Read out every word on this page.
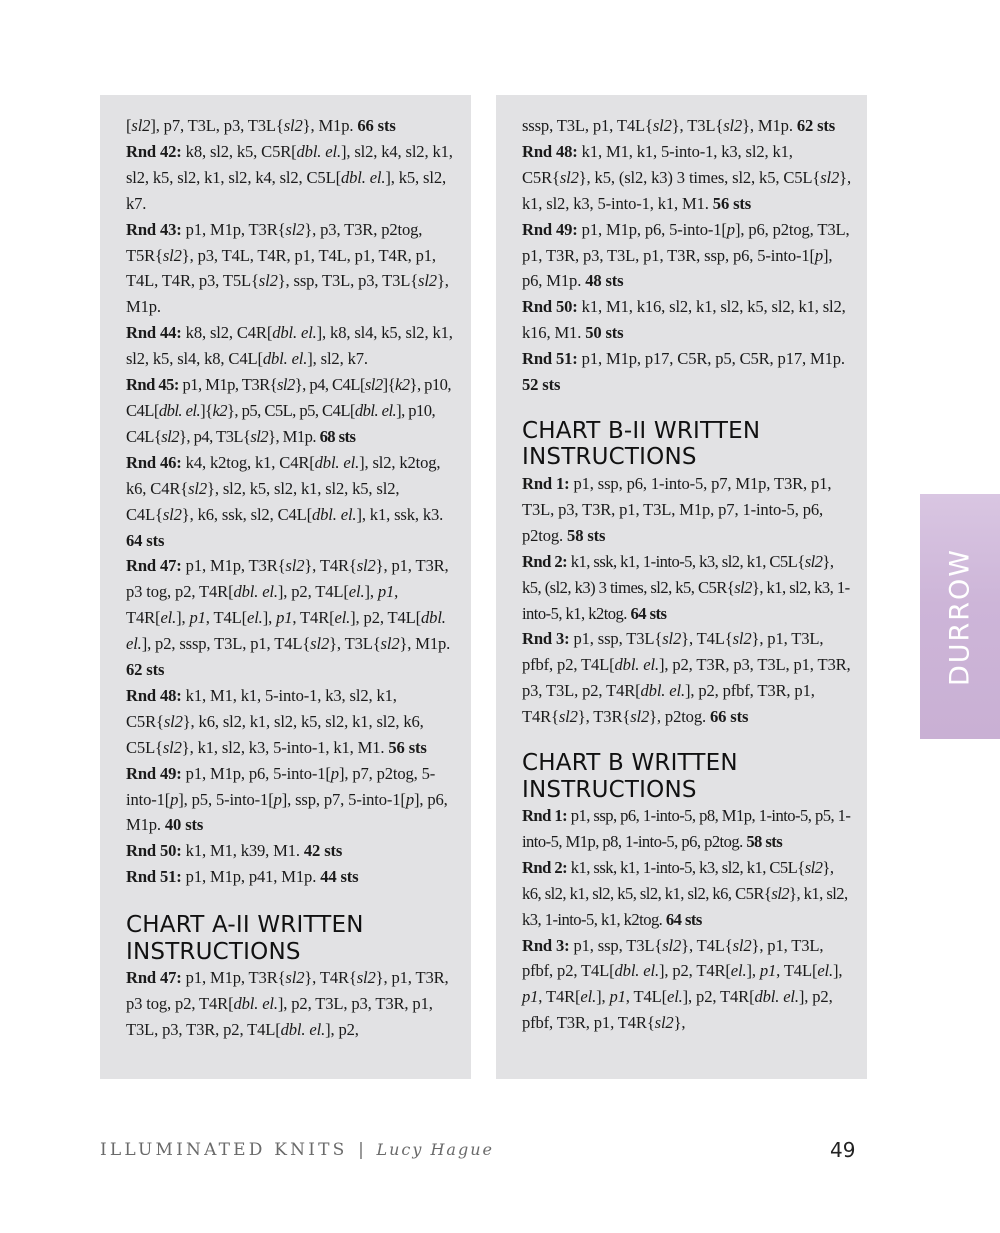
[sl2], p7, T3L, p3, T3L{sl2}, M1p. 66 sts

Rnd 42: k8, sl2, k5, C5R[dbl. el.], sl2, k4, sl2, k1, sl2, k5, sl2, k1, sl2, k4, sl2, C5L[dbl. el.], k5, sl2, k7.

Rnd 43: p1, M1p, T3R{sl2}, p3, T3R, p2tog, T5R{sl2}, p3, T4L, T4R, p1, T4L, p1, T4R, p1, T4L, T4R, p3, T5L{sl2}, ssp, T3L, p3, T3L{sl2}, M1p.

Rnd 44: k8, sl2, C4R[dbl. el.], k8, sl4, k5, sl2, k1, sl2, k5, sl4, k8, C4L[dbl. el.], sl2, k7.

Rnd 45: p1, M1p, T3R{sl2}, p4, C4L[sl2]{k2}, p10, C4L[dbl. el.]{k2}, p5, C5L, p5, C4L[dbl. el.], p10, C4L{sl2}, p4, T3L{sl2}, M1p. 68 sts

Rnd 46: k4, k2tog, k1, C4R[dbl. el.], sl2, k2tog, k6, C4R{sl2}, sl2, k5, sl2, k1, sl2, k5, sl2, C4L{sl2}, k6, ssk, sl2, C4L[dbl. el.], k1, ssk, k3. 64 sts

Rnd 47: p1, M1p, T3R{sl2}, T4R{sl2}, p1, T3R, p3 tog, p2, T4R[dbl. el.], p2, T4L[el.], p1, T4R[el.], p1, T4L[el.], p1, T4R[el.], p2, T4L[dbl. el.], p2, sssp, T3L, p1, T4L{sl2}, T3L{sl2}, M1p. 62 sts

Rnd 48: k1, M1, k1, 5-into-1, k3, sl2, k1, C5R{sl2}, k6, sl2, k1, sl2, k5, sl2, k1, sl2, k6, C5L{sl2}, k1, sl2, k3, 5-into-1, k1, M1. 56 sts

Rnd 49: p1, M1p, p6, 5-into-1[p], p7, p2tog, 5-into-1[p], p5, 5-into-1[p], ssp, p7, 5-into-1[p], p6, M1p. 40 sts

Rnd 50: k1, M1, k39, M1. 42 sts

Rnd 51: p1, M1p, p41, M1p. 44 sts

CHART A-II WRITTEN INSTRUCTIONS

Rnd 47: p1, M1p, T3R{sl2}, T4R{sl2}, p1, T3R, p3 tog, p2, T4R[dbl. el.], p2, T3L, p3, T3R, p1, T3L, p3, T3R, p2, T4L[dbl. el.], p2,

sssp, T3L, p1, T4L{sl2}, T3L{sl2}, M1p. 62 sts

Rnd 48: k1, M1, k1, 5-into-1, k3, sl2, k1, C5R{sl2}, k5, (sl2, k3) 3 times, sl2, k5, C5L{sl2}, k1, sl2, k3, 5-into-1, k1, M1. 56 sts

Rnd 49: p1, M1p, p6, 5-into-1[p], p6, p2tog, T3L, p1, T3R, p3, T3L, p1, T3R, ssp, p6, 5-into-1[p], p6, M1p. 48 sts

Rnd 50: k1, M1, k16, sl2, k1, sl2, k5, sl2, k1, sl2, k16, M1. 50 sts

Rnd 51: p1, M1p, p17, C5R, p5, C5R, p17, M1p. 52 sts

CHART B-II WRITTEN INSTRUCTIONS

Rnd 1: p1, ssp, p6, 1-into-5, p7, M1p, T3R, p1, T3L, p3, T3R, p1, T3L, M1p, p7, 1-into-5, p6, p2tog. 58 sts

Rnd 2: k1, ssk, k1, 1-into-5, k3, sl2, k1, C5L{sl2}, k5, (sl2, k3) 3 times, sl2, k5, C5R{sl2}, k1, sl2, k3, 1-into-5, k1, k2tog. 64 sts

Rnd 3: p1, ssp, T3L{sl2}, T4L{sl2}, p1, T3L, pfbf, p2, T4L[dbl. el.], p2, T3R, p3, T3L, p1, T3R, p3, T3L, p2, T4R[dbl. el.], p2, pfbf, T3R, p1, T4R{sl2}, T3R{sl2}, p2tog. 66 sts

CHART B WRITTEN INSTRUCTIONS

Rnd 1: p1, ssp, p6, 1-into-5, p8, M1p, 1-into-5, p5, 1-into-5, M1p, p8, 1-into-5, p6, p2tog. 58 sts

Rnd 2: k1, ssk, k1, 1-into-5, k3, sl2, k1, C5L{sl2}, k6, sl2, k1, sl2, k5, sl2, k1, sl2, k6, C5R{sl2}, k1, sl2, k3, 1-into-5, k1, k2tog. 64 sts

Rnd 3: p1, ssp, T3L{sl2}, T4L{sl2}, p1, T3L, pfbf, p2, T4L[dbl. el.], p2, T4R[el.], p1, T4L[el.], p1, T4R[el.], p1, T4L[el.], p2, T4R[dbl. el.], p2, pfbf, T3R, p1, T4R{sl2},

DURROW
ILLUMINATED KNITS | Lucy Hague	49
